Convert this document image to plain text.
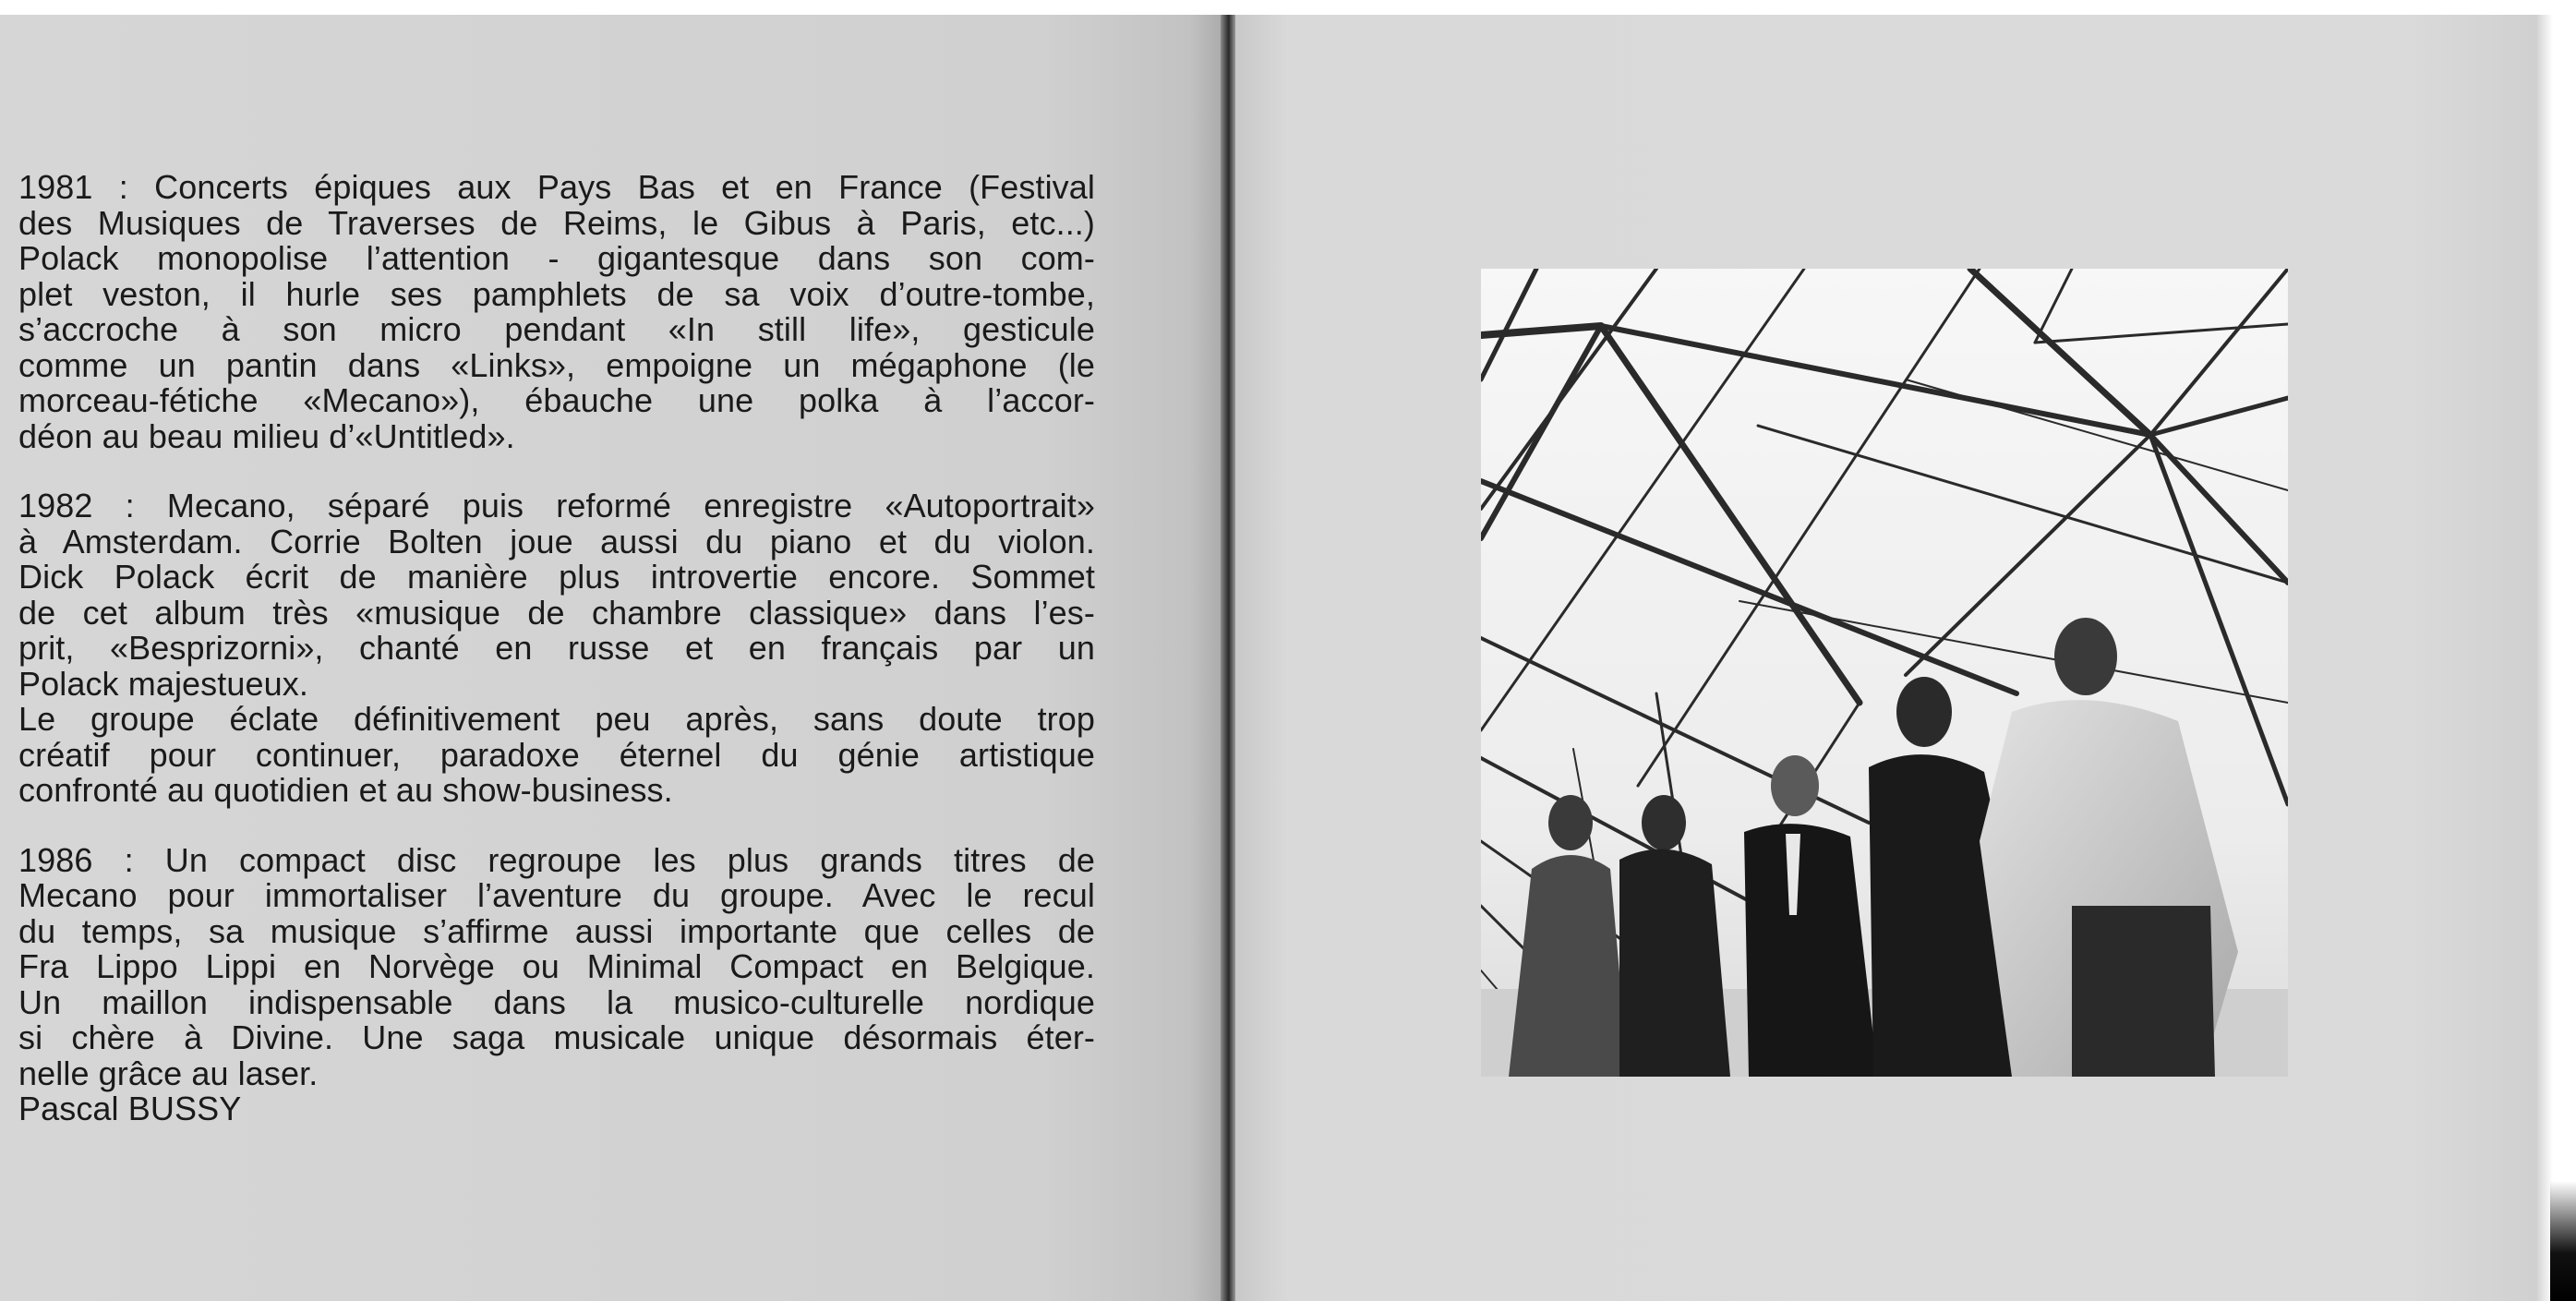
1981 : Concerts épiques aux Pays Bas et en France (Festival
des Musiques de Traverses de Reims, le Gibus à Paris, etc...)
Polack monopolise l’attention - gigantesque dans son com-
plet veston, il hurle ses pamphlets de sa voix d’outre-tombe,
s’accroche à son micro pendant «In still life», gesticule
comme un pantin dans «Links», empoigne un mégaphone (le
morceau-fétiche «Mecano»), ébauche une polka à l’accor-
déon au beau milieu d’«Untitled».

1982 : Mecano, séparé puis reformé enregistre «Autoportrait»
à Amsterdam. Corrie Bolten joue aussi du piano et du violon.
Dick Polack écrit de manière plus introvertie encore. Sommet
de cet album très «musique de chambre classique» dans l’es-
prit, «Besprizorni», chanté en russe et en français par un
Polack majestueux.

Le groupe éclate définitivement peu après, sans doute trop
créatif pour continuer, paradoxe éternel du génie artistique
confronté au quotidien et au show-business.

1986 : Un compact disc regroupe les plus grands titres de
Mecano pour immortaliser l’aventure du groupe. Avec le recul
du temps, sa musique s’affirme aussi importante que celles de
Fra Lippo Lippi en Norvège ou Minimal Compact en Belgique.
Un maillon indispensable dans la musico-culturelle nordique
si chère à Divine. Une saga musicale unique désormais éter-
nelle grâce au laser.
Pascal BUSSY
